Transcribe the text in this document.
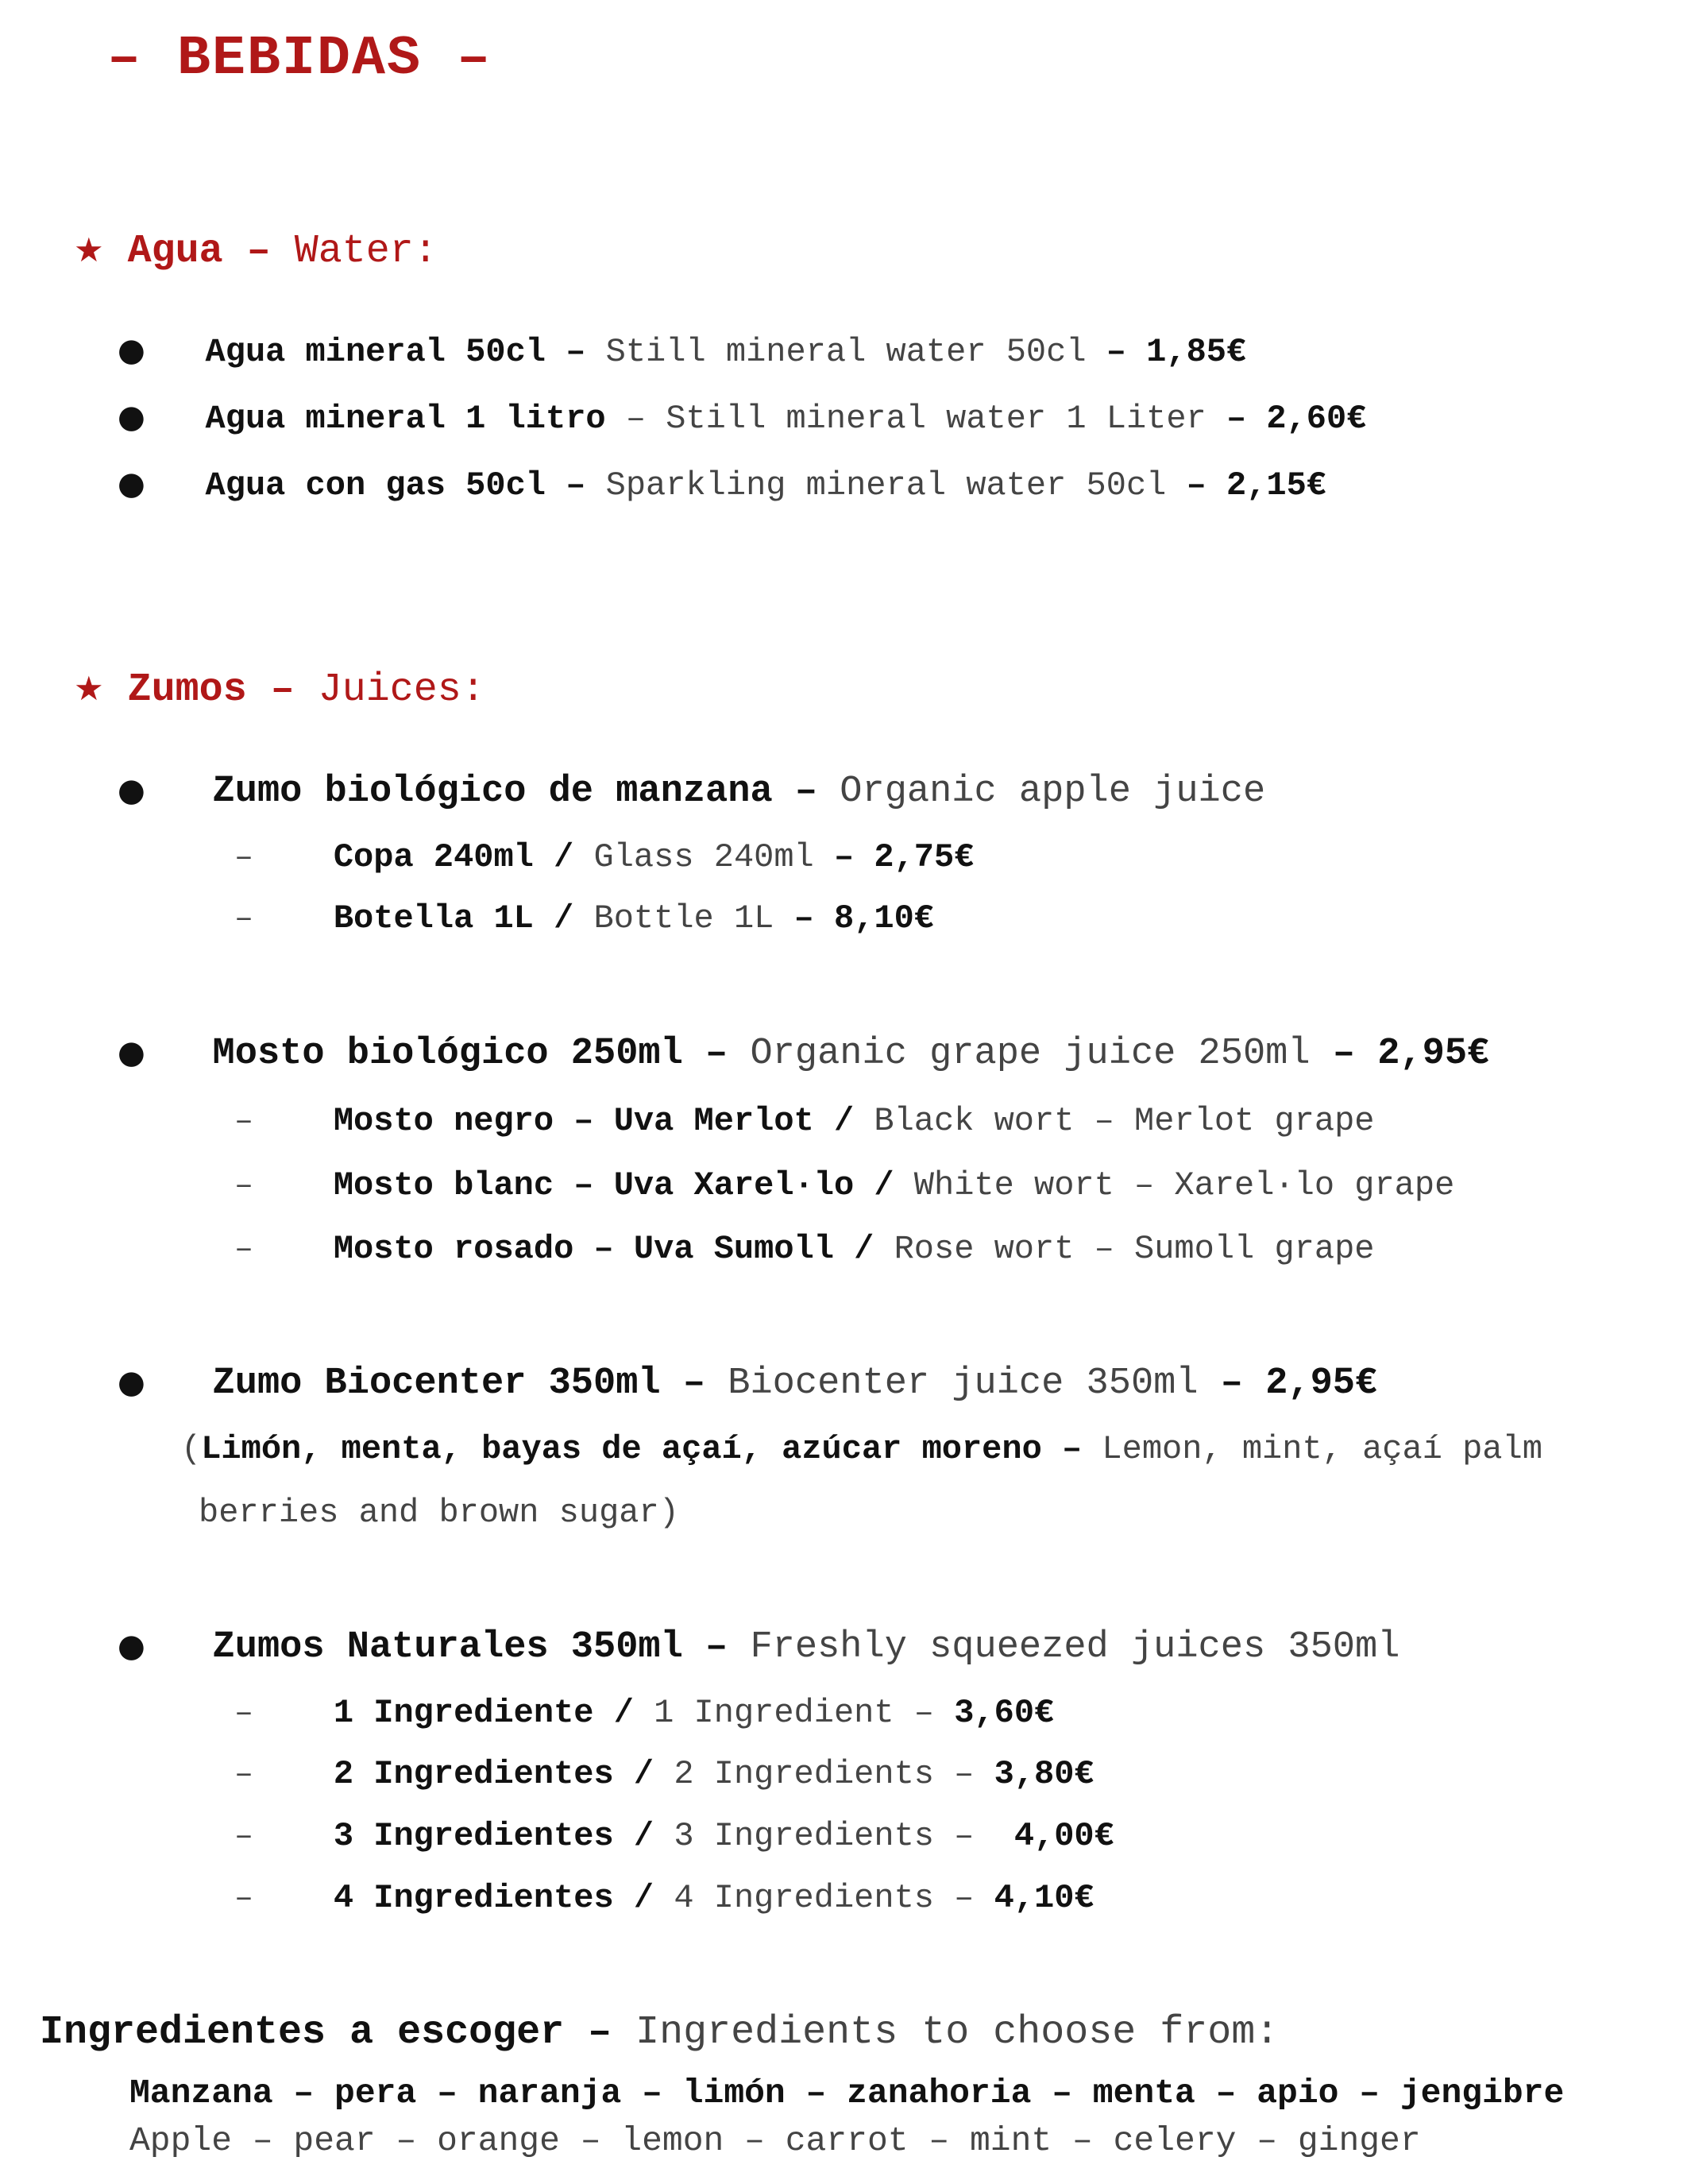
– BEBIDAS –
★ Agua – Water:
● Agua mineral 50cl – Still mineral water 50cl – 1,85€
● Agua mineral 1 litro – Still mineral water 1 Liter – 2,60€
● Agua con gas 50cl – Sparkling mineral water 50cl – 2,15€
★ Zumos – Juices:
● Zumo biológico de manzana – Organic apple juice
– Copa 240ml / Glass 240ml – 2,75€
– Botella 1L / Bottle 1L – 8,10€
● Mosto biológico 250ml – Organic grape juice 250ml – 2,95€
– Mosto negro – Uva Merlot / Black wort – Merlot grape
– Mosto blanc – Uva Xarel·lo / White wort – Xarel·lo grape
– Mosto rosado – Uva Sumoll / Rose wort – Sumoll grape
● Zumo Biocenter 350ml – Biocenter juice 350ml – 2,95€
(Limón, menta, bayas de açaí, azúcar moreno – Lemon, mint, açaí palm
berries and brown sugar)
● Zumos Naturales 350ml – Freshly squeezed juices 350ml
– 1 Ingrediente / 1 Ingredient – 3,60€
– 2 Ingredientes / 2 Ingredients – 3,80€
– 3 Ingredientes / 3 Ingredients –  4,00€
– 4 Ingredientes / 4 Ingredients – 4,10€
Ingredientes a escoger – Ingredients to choose from:
Manzana – pera – naranja – limón – zanahoria – menta – apio – jengibre
Apple – pear – orange – lemon – carrot – mint – celery – ginger
